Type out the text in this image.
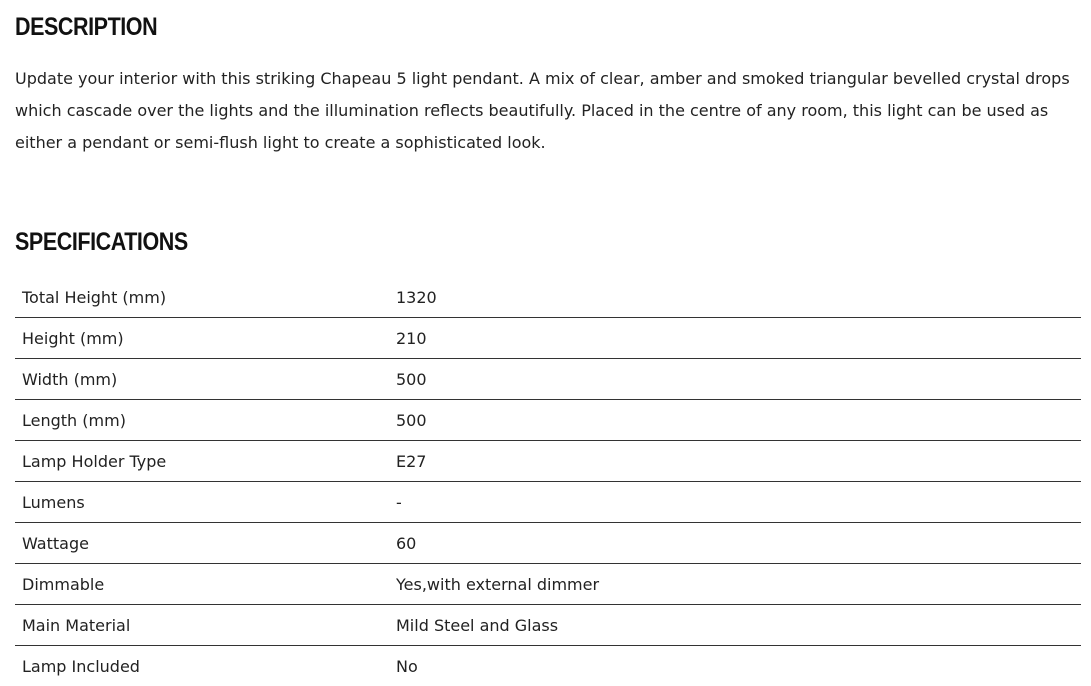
DESCRIPTION

Update your interior with this striking Chapeau 5 light pendant. A mix of clear, amber and smoked triangular bevelled crystal drops which cascade over the lights and the illumination reflects beautifully. Placed in the centre of any room, this light can be used as either a pendant or semi-flush light to create a sophisticated look.

SPECIFICATIONS
Total Height (mm)	1320
Height (mm)	210
Width (mm)	500
Length (mm)	500
Lamp Holder Type	E27
Lumens	-
Wattage	60
Dimmable	Yes,with external dimmer
Main Material	Mild Steel and Glass
Lamp Included	No
